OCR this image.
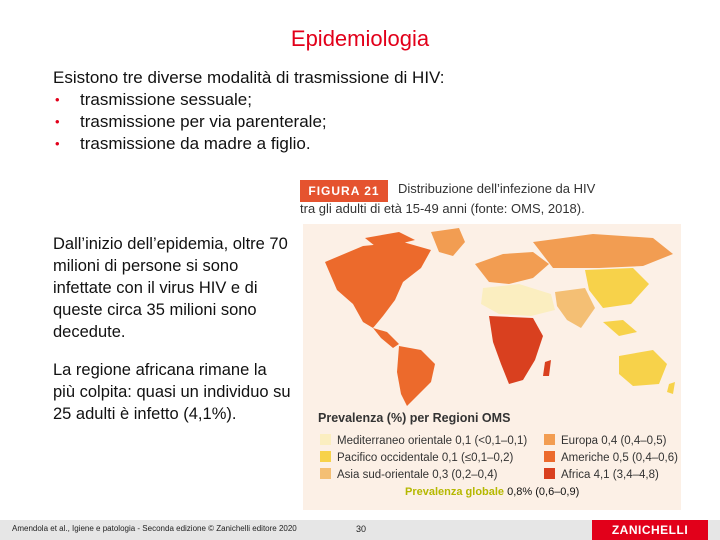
Epidemiologia
Esistono tre diverse modalità di trasmissione di HIV:
• trasmissione sessuale;
• trasmissione per via parenterale;
• trasmissione da madre a figlio.
Dall’inizio dell’epidemia, oltre 70 milioni di persone si sono infettate con il virus HIV e di queste circa 35 milioni sono decedute.
La regione africana rimane la più colpita: quasi un individuo su 25 adulti è infetto (4,1%).
FIGURA 21	Distribuzione dell’infezione da HIV
tra gli adulti di età 15-49 anni (fonte: OMS, 2018).
Prevalenza (%) per Regioni OMS
Mediterraneo orientale 0,1 (<0,1–0,1)
Pacifico occidentale 0,1 (≤0,1–0,2)
Asia sud-orientale 0,3 (0,2–0,4)
Europa 0,4 (0,4–0,5)
Americhe 0,5 (0,4–0,6)
Africa 4,1 (3,4–4,8)
Prevalenza globale 0,8% (0,6–0,9)
Amendola et al., Igiene e patologia - Seconda edizione © Zanichelli editore 2020	30	ZANICHELLI
